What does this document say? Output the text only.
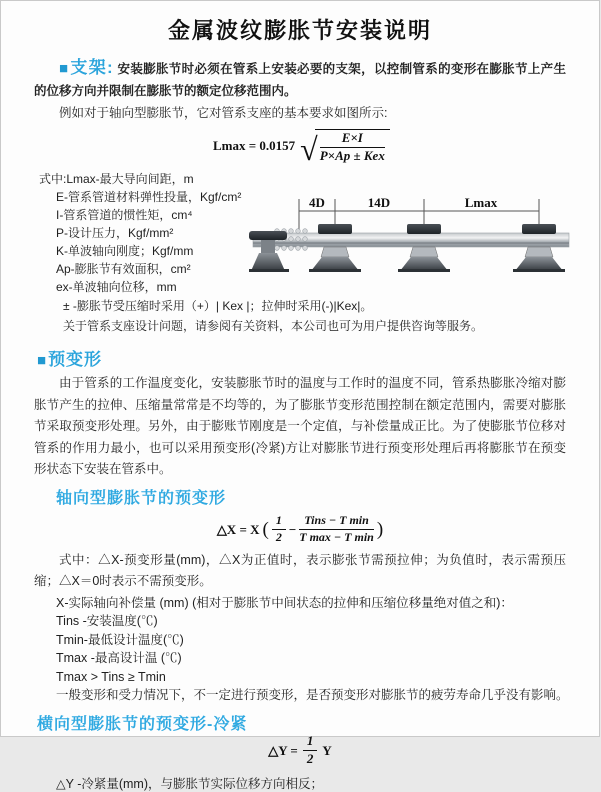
金属波纹膨胀节安装说明

■支架: 安装膨胀节时必须在管系上安装必要的支架，以控制管系的变形在膨胀节上产生的位移方向并限制在膨胀节的额定位移范围内。

例如对于轴向型膨胀节，它对管系支座的基本要求如图所示:

Lmax = 0.0157 √ $\frac{E\times I}{\text{P×Ap ± Kex}}$
式中:Lmax-最大导向间距，m
E-管系管道材料弹性投量，Kgf/cm²
I-管系管道的惯性矩，cm⁴
P-设计压力，Kgf/mm²
K-单波轴向刚度；Kgf/mm
Ap-膨胀节有效面积，cm²
ex-单波轴向位移，mm
± -膨胀节受压缩时采用（+）| Kex |；拉伸时采用(-)|Kex|。
关于管系支座设计问题，请参阅有关资料，本公司也可为用户提供咨询等服务。
4D	14D	Lmax
■预变形

由于管系的工作温度变化，安装膨胀节时的温度与工作时的温度不同，管系热膨胀冷缩对膨胀节产生的拉伸、压缩量常常是不均等的，为了膨胀节变形范围控制在额定范围内，需要对膨胀节采取预变形处理。另外，由于膨账节刚度是一个定值，与补偿量成正比。为了使膨胀节位移对管系的作用力最小，也可以采用预变形(冷紧)方让对膨胀节进行预变形处理后再将膨胀节在预变形状态下安装在管系中。

轴向型膨胀节的预变形
△X = X ( $\frac{1}{2} - \frac{\text{Tins − T min}}{\text{T max − T min}}$ )

式中：△X-预变形量(mm)，△X为正值时，表示膨张节需预拉伸；为负值时，表示需预压缩；△X＝0时表示不需预变形。

X-实际轴向补偿量 (mm) (相对于膨胀节中间状态的拉伸和压缩位移量绝对值之和)：
Tins -安装温度(℃)
Tmin-最低设计温度(℃)
Tmax -最高设计温 (℃)
Tmax > Tins ≥ Tmin
一般变形和受力情况下，不一定进行预变形，是否预变形对膨胀节的疲劳寿命几乎没有影响。
横向型膨胀节的预变形-冷紧
△Y = $\frac{1}{2}$ Y
△Y -冷紧量(mm)，与膨胀节实际位移方向相反；
